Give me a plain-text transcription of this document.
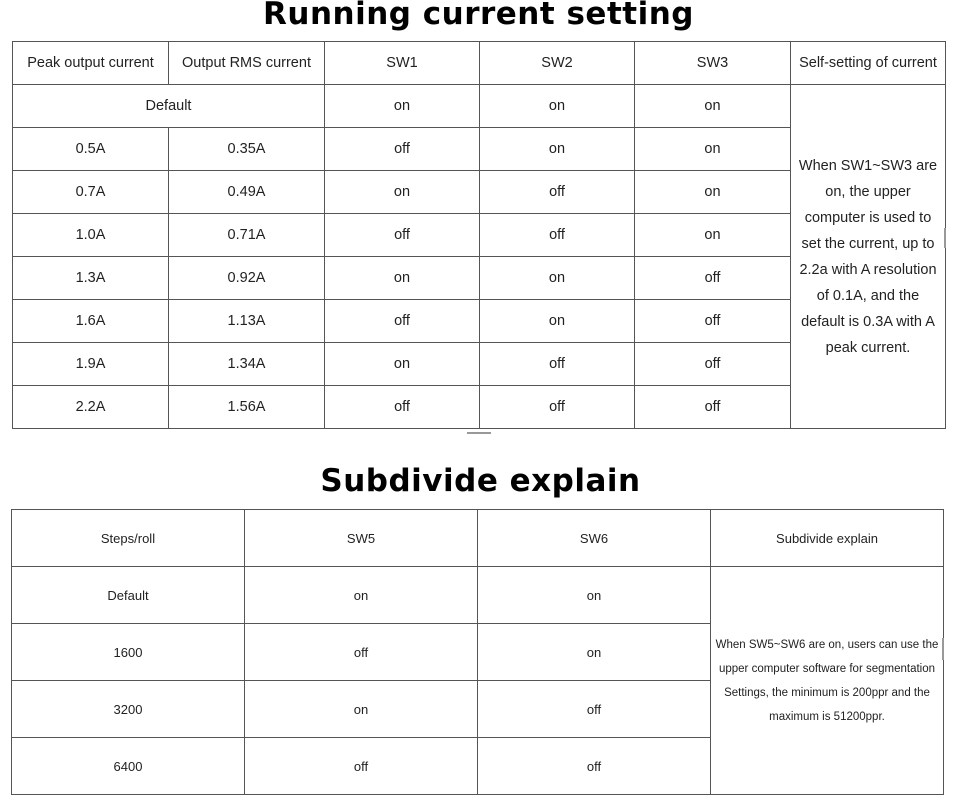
Running current setting
Peak output current	Output RMS current	SW1	SW2	SW3	Self-setting of current
Default		on	on	on	When SW1~SW3 are on, the upper computer is used to set the current, up to 2.2a with A resolution of 0.1A, and the default is 0.3A with A peak current.
0.5A	0.35A	off	on	on	
0.7A	0.49A	on	off	on	
1.0A	0.71A	off	off	on	
1.3A	0.92A	on	on	off	
1.6A	1.13A	off	on	off	
1.9A	1.34A	on	off	off	
2.2A	1.56A	off	off	off	
Subdivide explain
Steps/roll	SW5	SW6	Subdivide explain
Default	on	on	When SW5~SW6 are on, users can use the upper computer software for segmentation Settings, the minimum is 200ppr and the maximum is 51200ppr.
1600	off	on	
3200	on	off	
6400	off	off	
